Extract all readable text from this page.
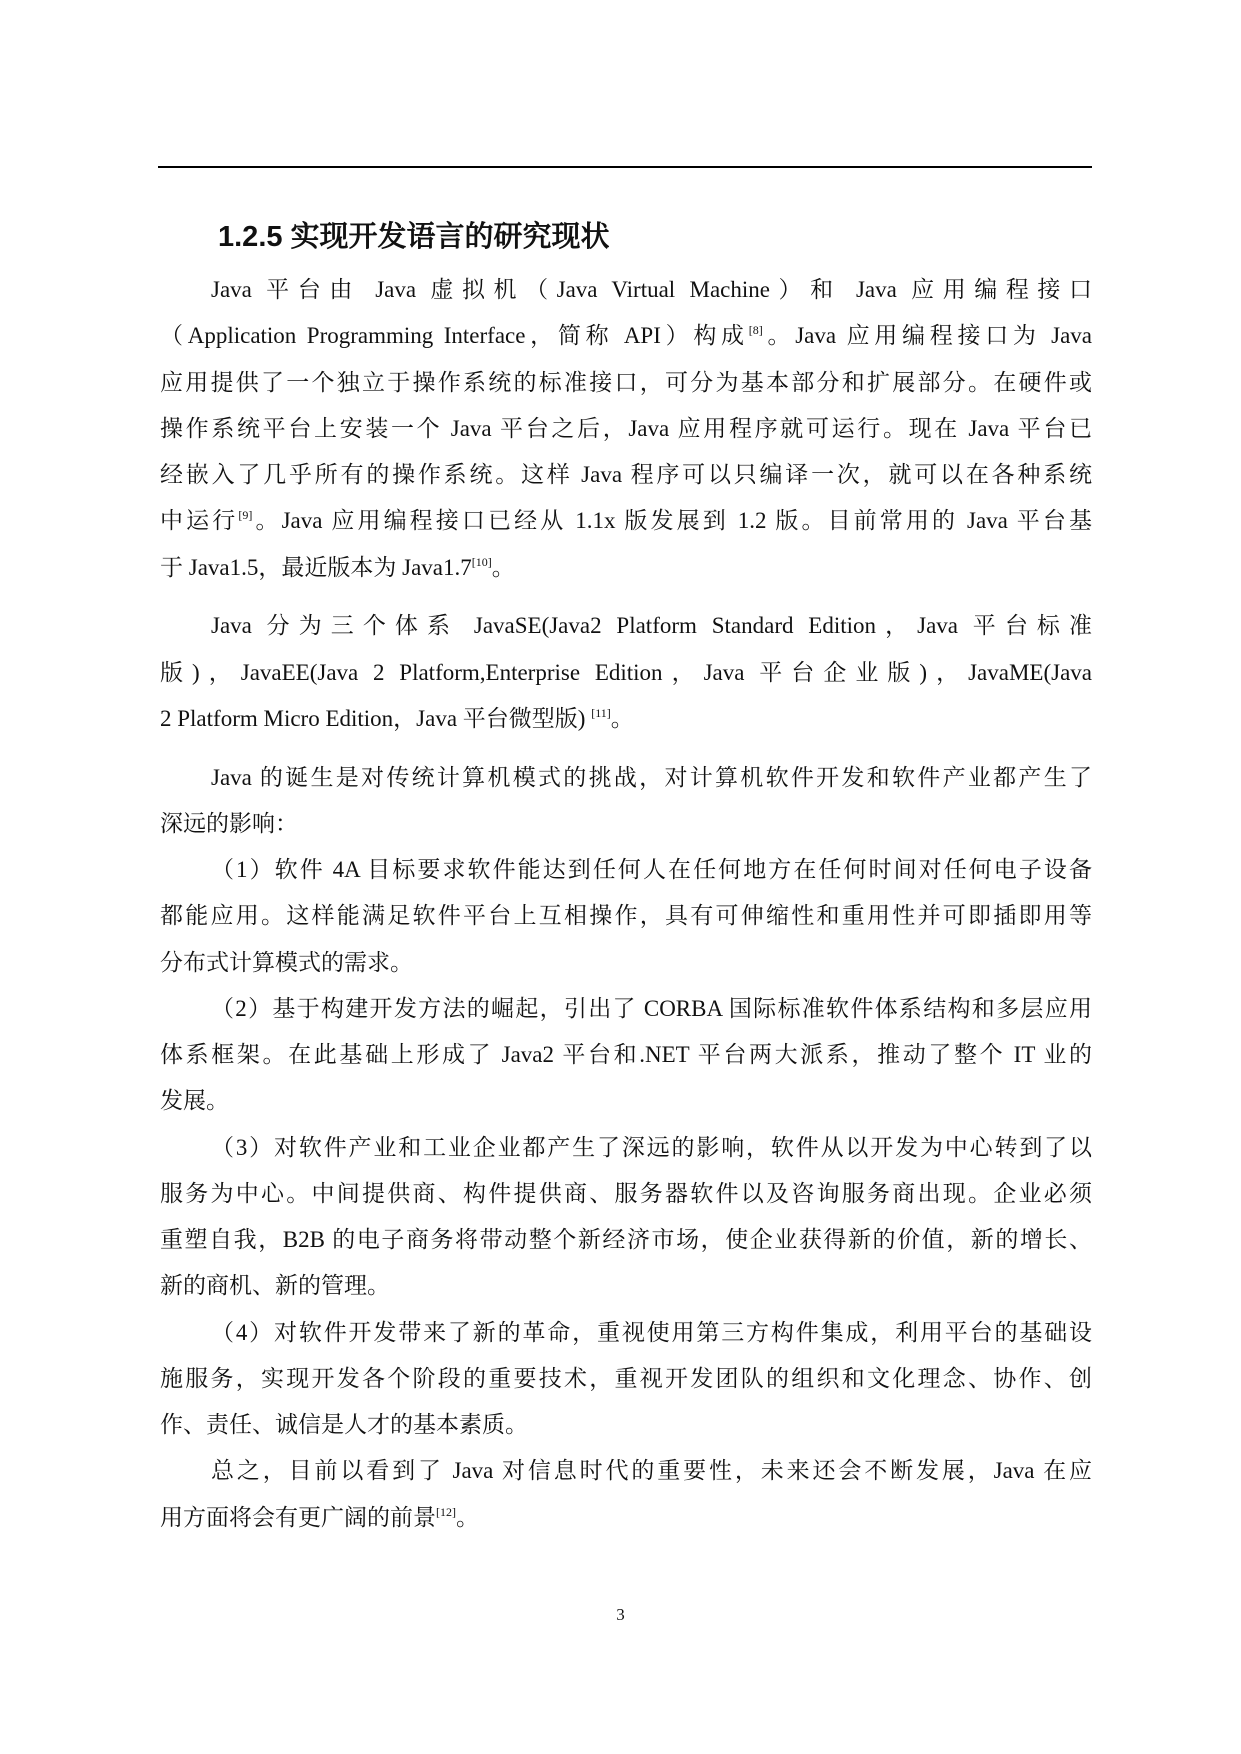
1.2.5 实现开发语言的研究现状
Java 平台由 Java 虚拟机（Java Virtual Machine）和 Java 应用编程接口
（Application Programming Interface，简称 API）构成[8]。Java 应用编程接口为 Java
应用提供了一个独立于操作系统的标准接口，可分为基本部分和扩展部分。在硬件或
操作系统平台上安装一个 Java 平台之后，Java 应用程序就可运行。现在 Java 平台已
经嵌入了几乎所有的操作系统。这样 Java 程序可以只编译一次，就可以在各种系统
中运行[9]。Java 应用编程接口已经从 1.1x 版发展到 1.2 版。目前常用的 Java 平台基
于 Java1.5，最近版本为 Java1.7[10]。
Java 分为三个体系 JavaSE(Java2 Platform Standard Edition，Java 平台标准
版)，JavaEE(Java 2 Platform,Enterprise Edition，Java 平台企业版)，JavaME(Java
2 Platform Micro Edition，Java 平台微型版) [11]。
Java 的诞生是对传统计算机模式的挑战，对计算机软件开发和软件产业都产生了
深远的影响：
（1）软件 4A 目标要求软件能达到任何人在任何地方在任何时间对任何电子设备
都能应用。这样能满足软件平台上互相操作，具有可伸缩性和重用性并可即插即用等
分布式计算模式的需求。
（2）基于构建开发方法的崛起，引出了 CORBA 国际标准软件体系结构和多层应用
体系框架。在此基础上形成了 Java2 平台和.NET 平台两大派系，推动了整个 IT 业的
发展。
（3）对软件产业和工业企业都产生了深远的影响，软件从以开发为中心转到了以
服务为中心。中间提供商、构件提供商、服务器软件以及咨询服务商出现。企业必须
重塑自我，B2B 的电子商务将带动整个新经济市场，使企业获得新的价值，新的增长、
新的商机、新的管理。
（4）对软件开发带来了新的革命，重视使用第三方构件集成，利用平台的基础设
施服务，实现开发各个阶段的重要技术，重视开发团队的组织和文化理念、协作、创
作、责任、诚信是人才的基本素质。
总之，目前以看到了 Java 对信息时代的重要性，未来还会不断发展，Java 在应
用方面将会有更广阔的前景[12]。
3
